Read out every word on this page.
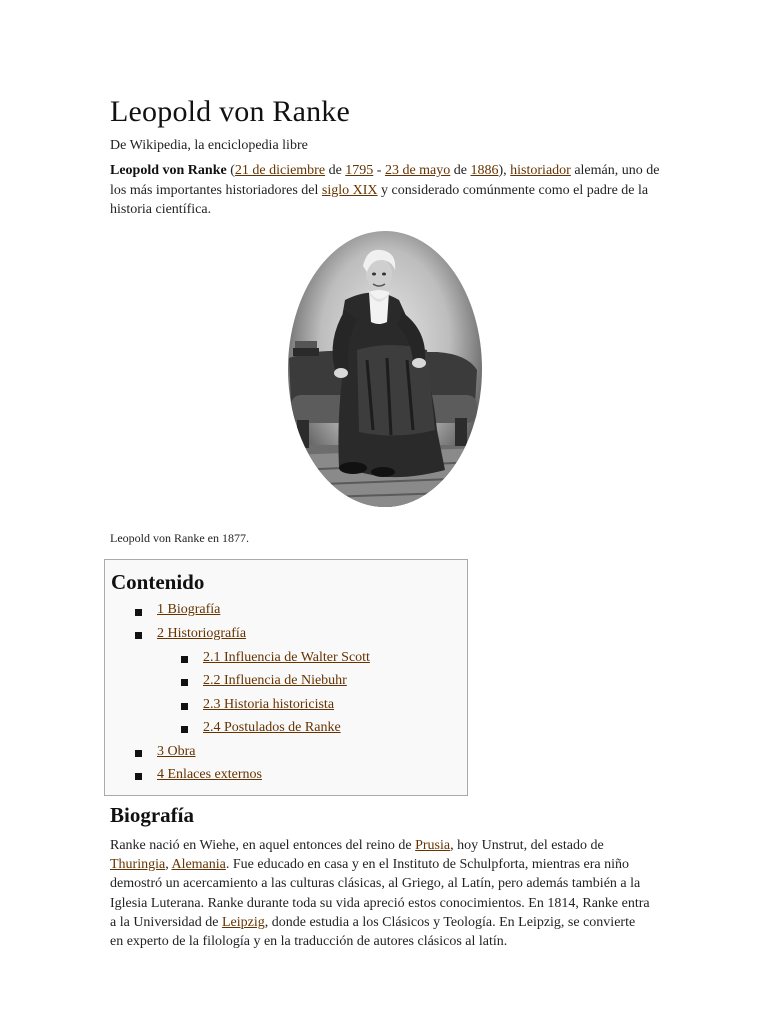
Leopold von Ranke
De Wikipedia, la enciclopedia libre
Leopold von Ranke (21 de diciembre de 1795 - 23 de mayo de 1886), historiador alemán, uno de los más importantes historiadores del siglo XIX y considerado comúnmente como el padre de la historia científica.
Leopold von Ranke en 1877.
Contenido
1 Biografía
2 Historiografía
2.1 Influencia de Walter Scott
2.2 Influencia de Niebuhr
2.3 Historia historicista
2.4 Postulados de Ranke
3 Obra
4 Enlaces externos
Biografía
Ranke nació en Wiehe, en aquel entonces del reino de Prusia, hoy Unstrut, del estado de Thuringia, Alemania. Fue educado en casa y en el Instituto de Schulpforta, mientras era niño demostró un acercamiento a las culturas clásicas, al Griego, al Latín, pero además también a la Iglesia Luterana. Ranke durante toda su vida apreció estos conocimientos. En 1814, Ranke entra a la Universidad de Leipzig, donde estudia a los Clásicos y Teología. En Leipzig, se convierte en experto de la filología y en la traducción de autores clásicos al latín.
